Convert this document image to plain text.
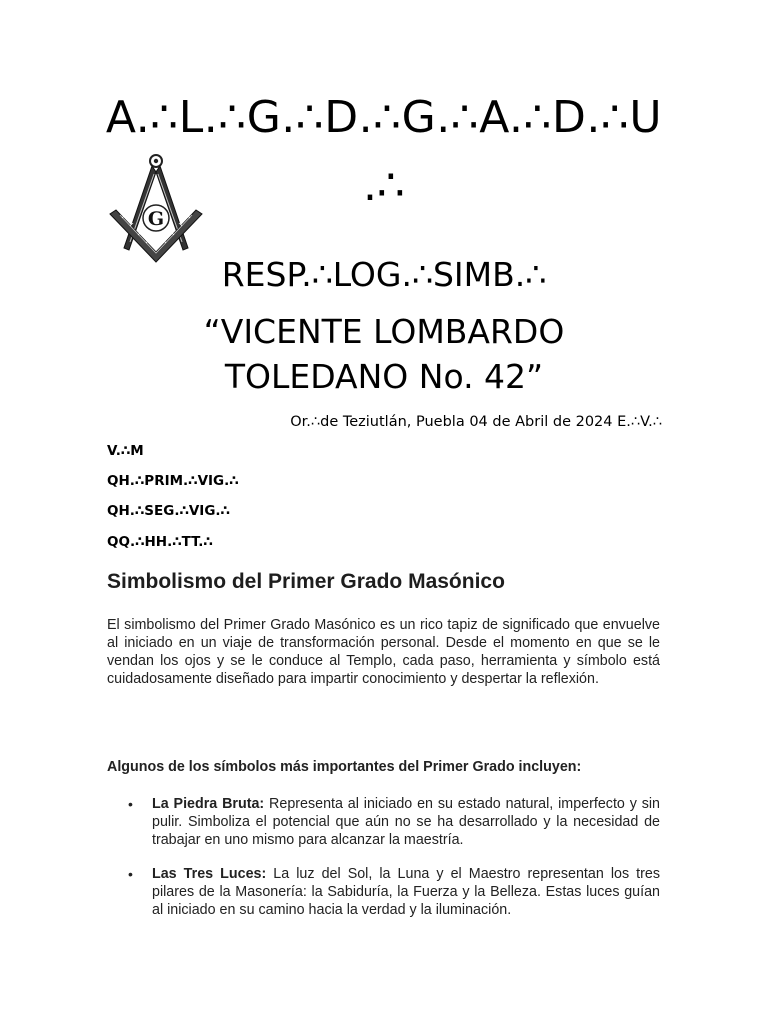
G
A.∴L.∴G.∴D.∴G.∴A.∴D.∴U
.∴
RESP.∴LOG.∴SIMB.∴
“VICENTE LOMBARDO
TOLEDANO No. 42”
Or.∴de Teziutlán, Puebla 04 de Abril de 2024 E.∴V.∴
V.∴M
QH.∴PRIM.∴VIG.∴
QH.∴SEG.∴VIG.∴
QQ.∴HH.∴TT.∴
Simbolismo del Primer Grado Masónico

El simbolismo del Primer Grado Masónico es un rico tapiz de significado que envuelve al iniciado en un viaje de transformación personal. Desde el momento en que se le vendan los ojos y se le conduce al Templo, cada paso, herramienta y símbolo está cuidadosamente diseñado para impartir conocimiento y despertar la reflexión.

Algunos de los símbolos más importantes del Primer Grado incluyen:
• La Piedra Bruta: Representa al iniciado en su estado natural, imperfecto y sin pulir. Simboliza el potencial que aún no se ha desarrollado y la necesidad de trabajar en uno mismo para alcanzar la maestría.
• Las Tres Luces: La luz del Sol, la Luna y el Maestro representan los tres pilares de la Masonería: la Sabiduría, la Fuerza y la Belleza. Estas luces guían al iniciado en su camino hacia la verdad y la iluminación.
